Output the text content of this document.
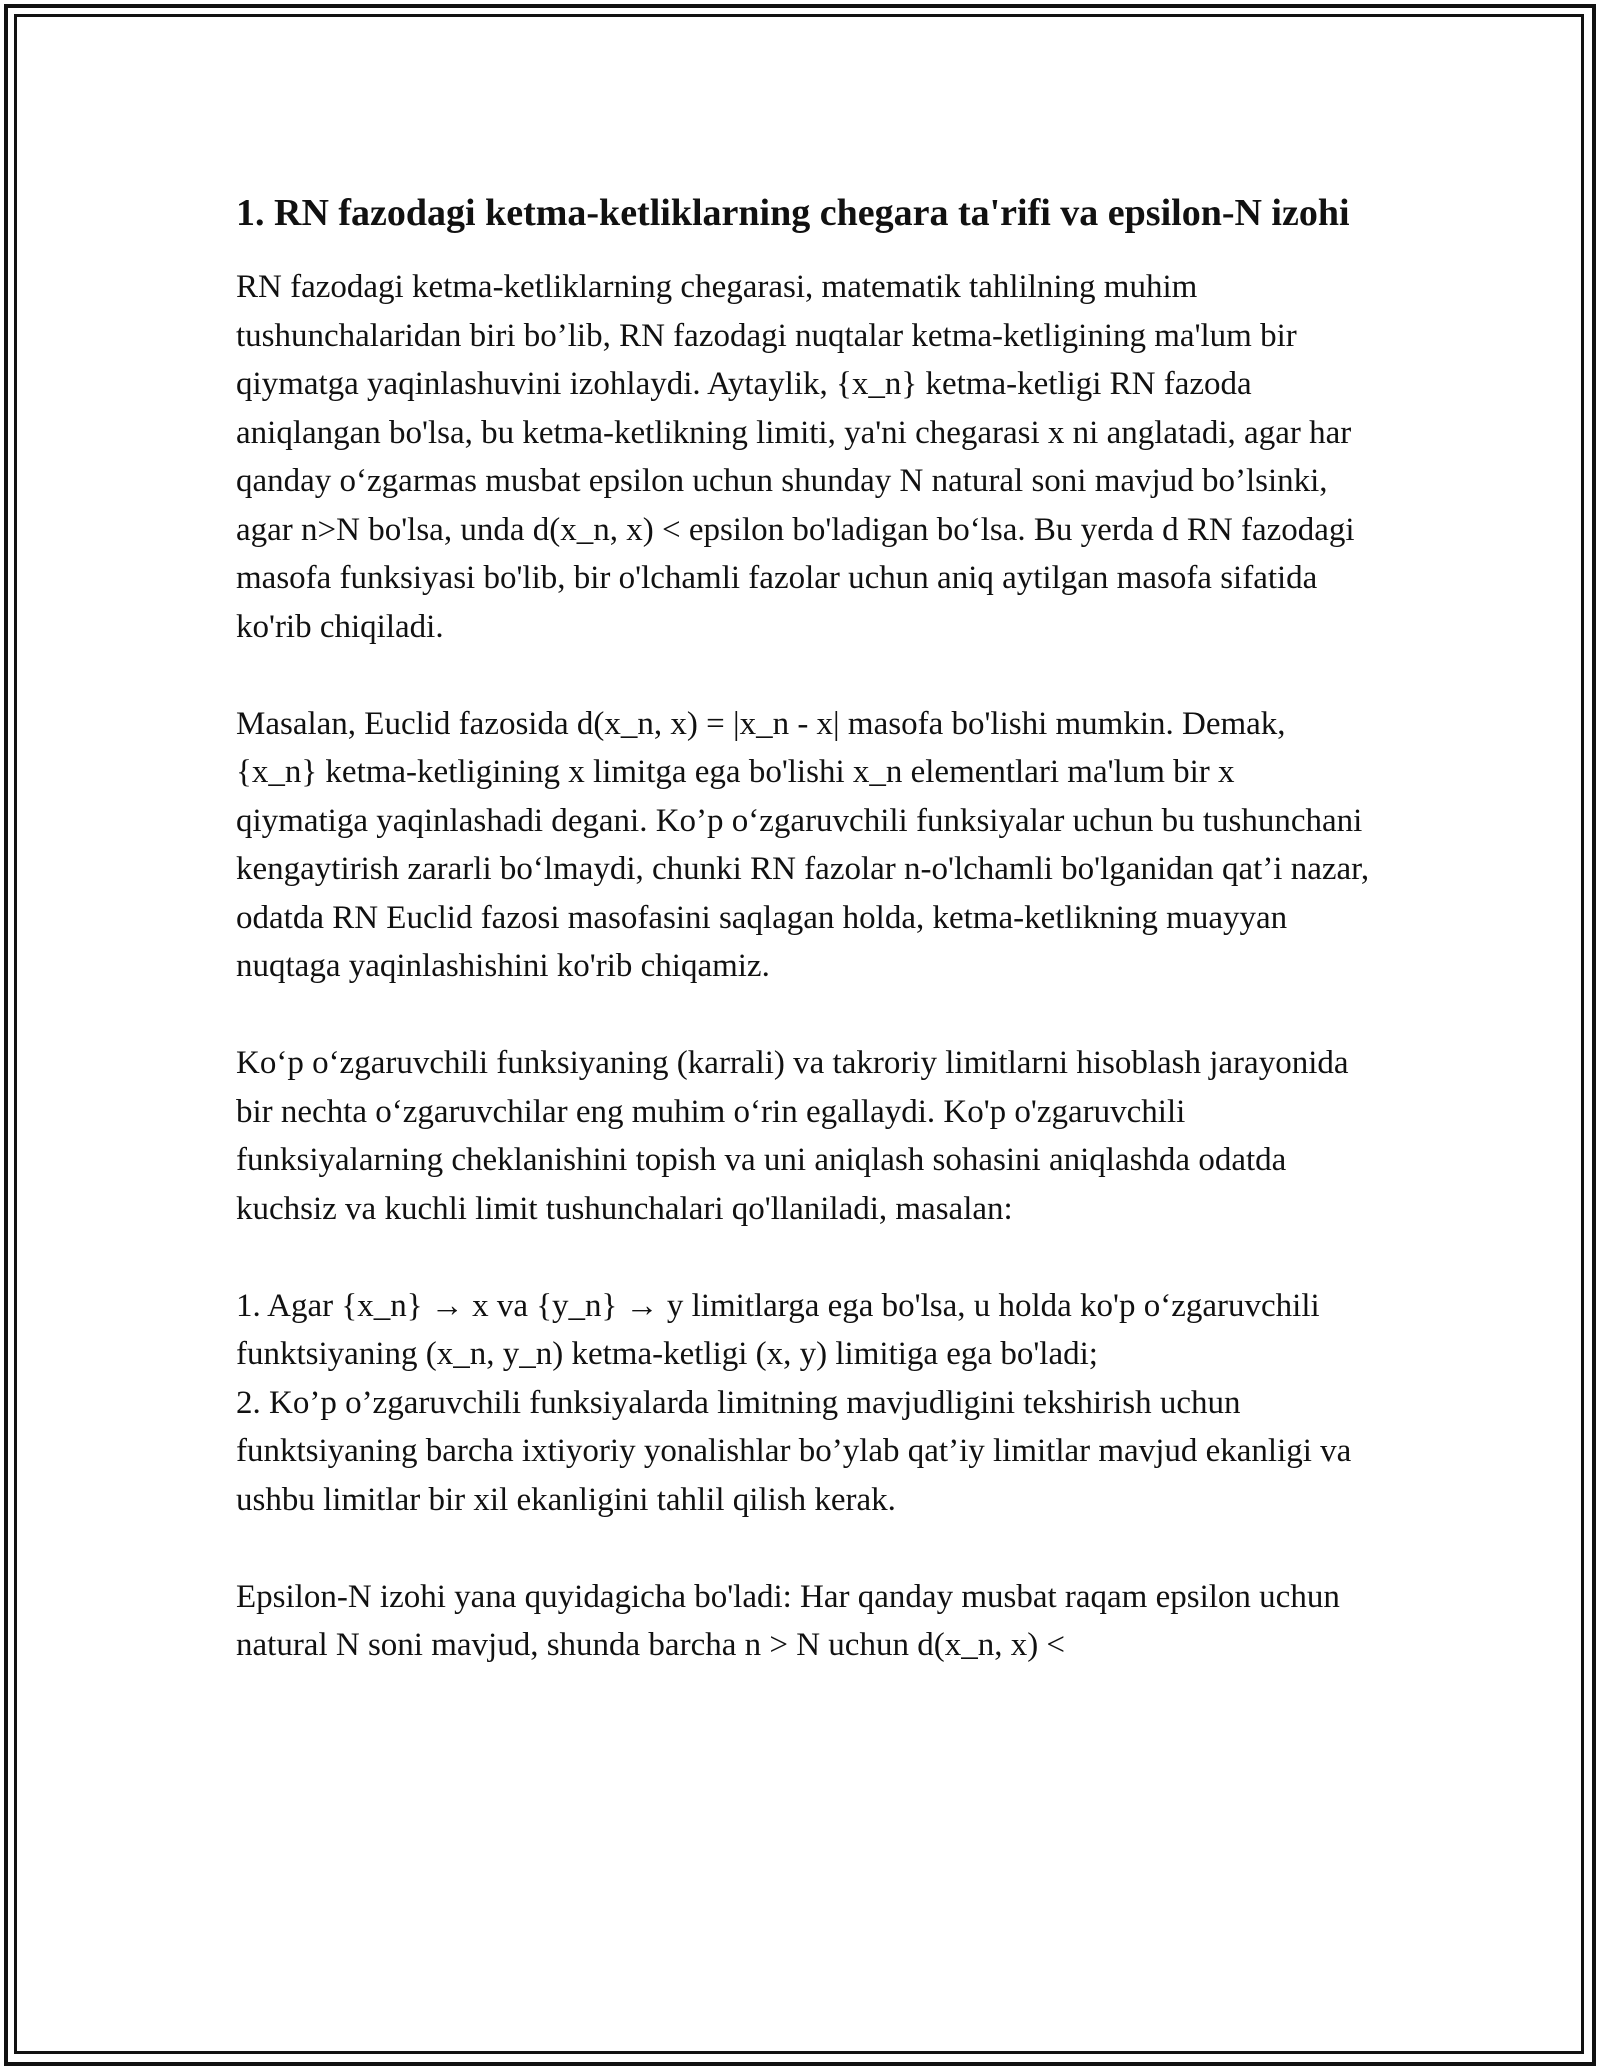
1. RN fazodagi ketma-ketliklarning chegara ta'rifi va epsilon-N izohi

RN fazodagi ketma-ketliklarning chegarasi, matematik tahlilning muhim tushunchalaridan biri bo’lib, RN fazodagi nuqtalar ketma-ketligining ma'lum bir qiymatga yaqinlashuvini izohlaydi. Aytaylik, {x_n} ketma-ketligi RN fazoda aniqlangan bo'lsa, bu ketma-ketlikning limiti, ya'ni chegarasi x ni anglatadi, agar har qanday o‘zgarmas musbat epsilon uchun shunday N natural soni mavjud bo’lsinki, agar n>N bo'lsa, unda d(x_n, x) < epsilon bo'ladigan bo‘lsa. Bu yerda d RN fazodagi masofa funksiyasi bo'lib, bir o'lchamli fazolar uchun aniq aytilgan masofa sifatida ko'rib chiqiladi.

Masalan, Euclid fazosida d(x_n, x) = |x_n - x| masofa bo'lishi mumkin. Demak, {x_n} ketma-ketligining x limitga ega bo'lishi x_n elementlari ma'lum bir x qiymatiga yaqinlashadi degani. Ko’p o‘zgaruvchili funksiyalar uchun bu tushunchani kengaytirish zararli bo‘lmaydi, chunki RN fazolar n-o'lchamli bo'lganidan qat’i nazar, odatda RN Euclid fazosi masofasini saqlagan holda, ketma-ketlikning muayyan nuqtaga yaqinlashishini ko'rib chiqamiz.

Ko‘p o‘zgaruvchili funksiyaning (karrali) va takroriy limitlarni hisoblash jarayonida bir nechta o‘zgaruvchilar eng muhim o‘rin egallaydi. Ko'p o'zgaruvchili funksiyalarning cheklanishini topish va uni aniqlash sohasini aniqlashda odatda kuchsiz va kuchli limit tushunchalari qo'llaniladi, masalan:

1. Agar {x_n} → x va {y_n} → y limitlarga ega bo'lsa, u holda ko'p o‘zgaruvchili funktsiyaning (x_n, y_n) ketma-ketligi (x, y) limitiga ega bo'ladi;

2. Ko’p o’zgaruvchili funksiyalarda limitning mavjudligini tekshirish uchun funktsiyaning barcha ixtiyoriy yonalishlar bo’ylab qat’iy limitlar mavjud ekanligi va ushbu limitlar bir xil ekanligini tahlil qilish kerak.

Epsilon-N izohi yana quyidagicha bo'ladi: Har qanday musbat raqam epsilon uchun natural N soni mavjud, shunda barcha n > N uchun d(x_n, x) <
